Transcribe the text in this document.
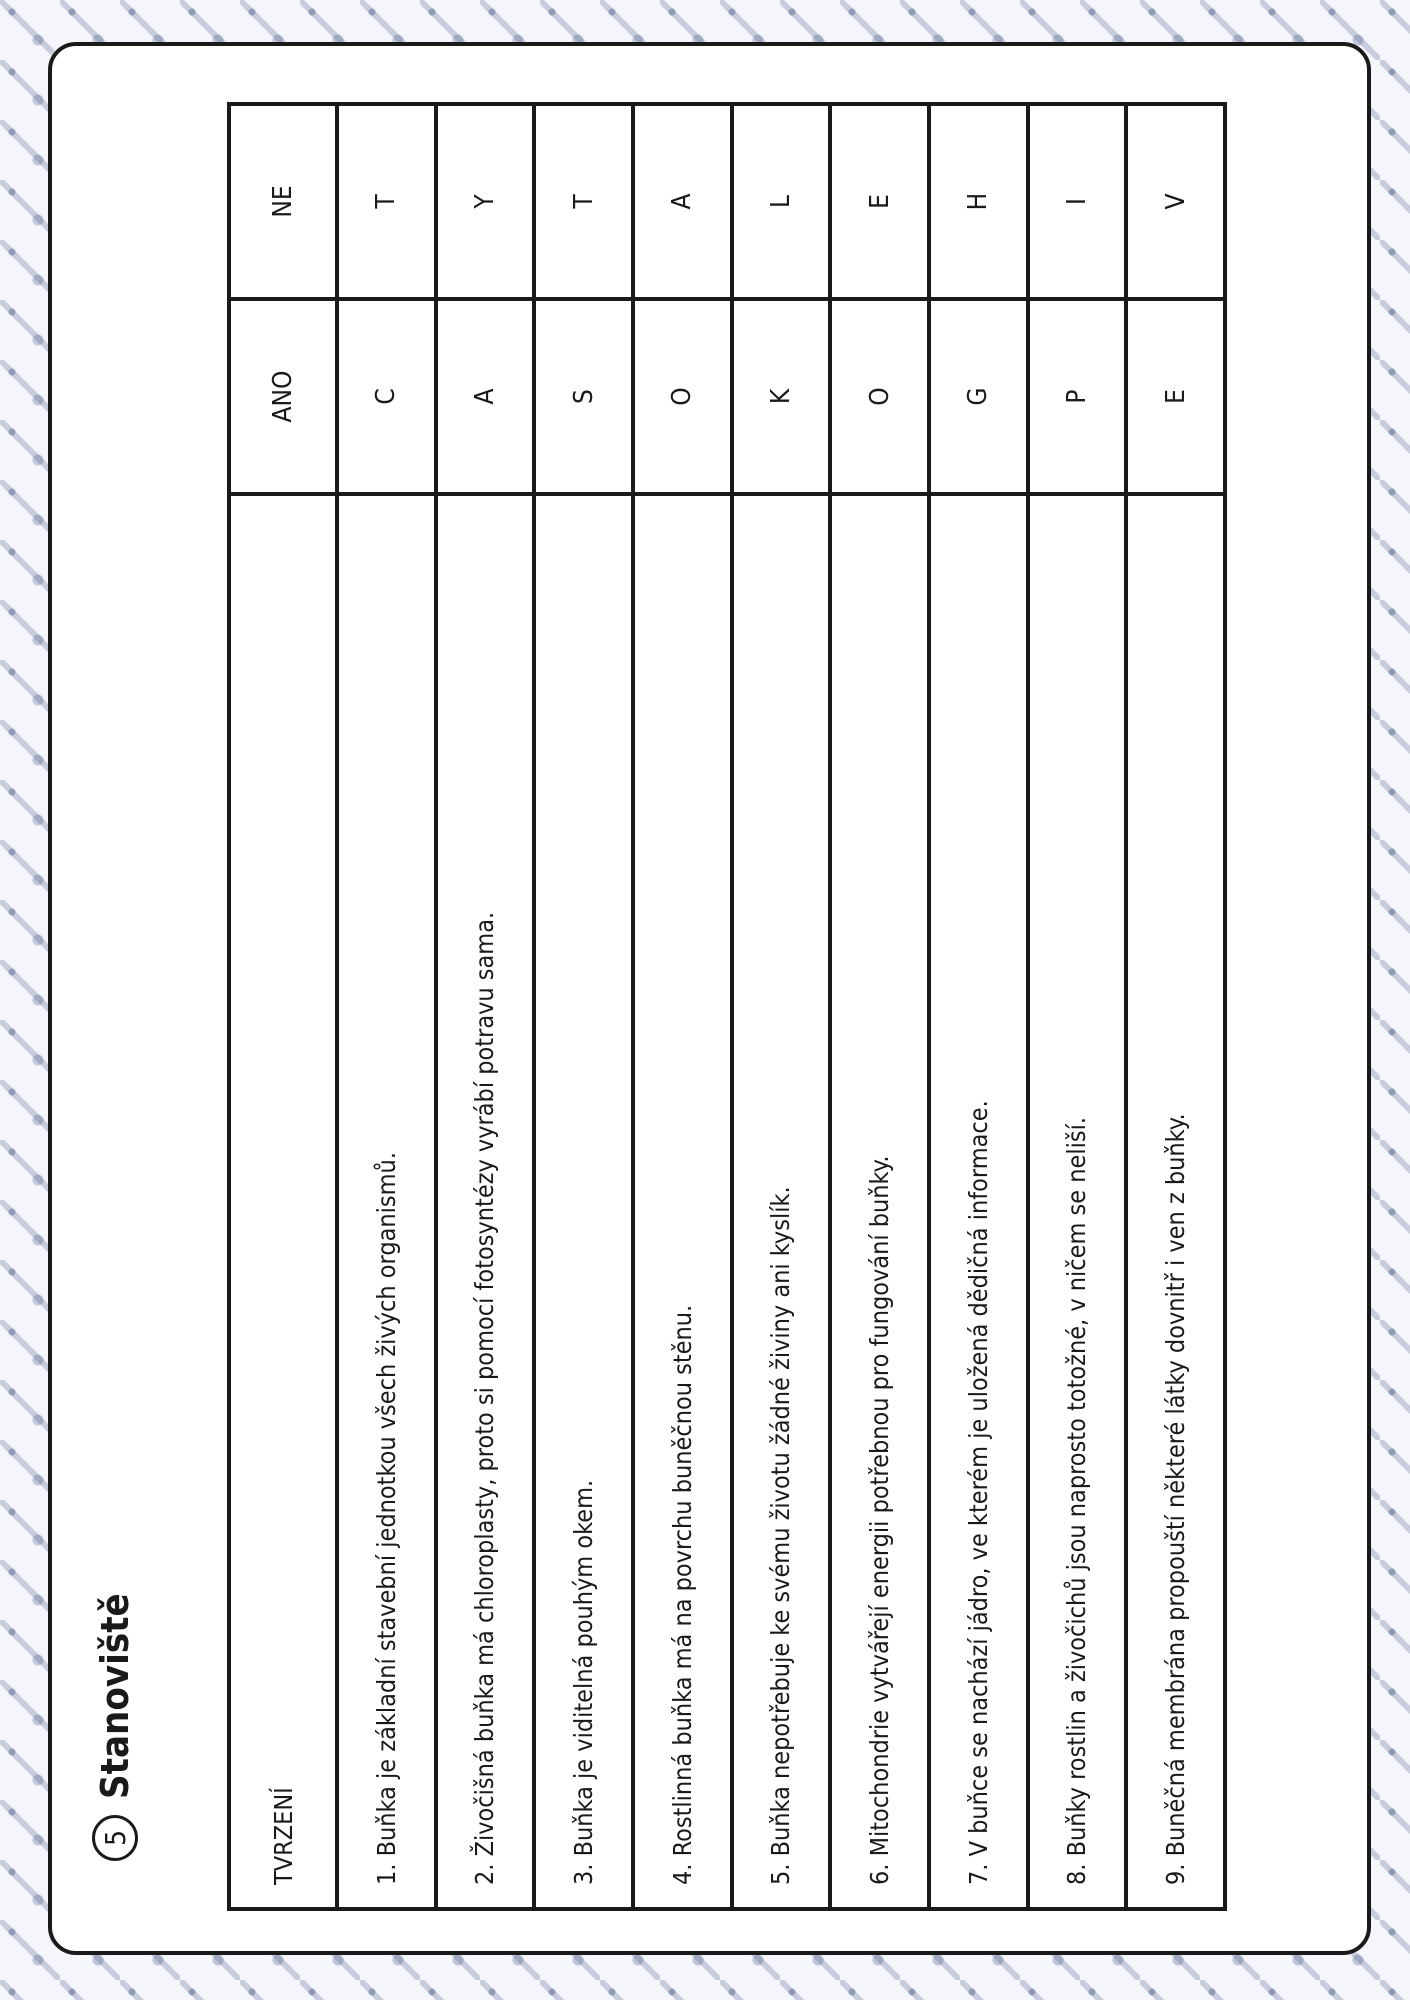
5
Stanoviště
TVRZENÍ	ANO	NE
1. Buňka je základní stavební jednotkou všech živých organismů.	C	T
2. Živočišná buňka má chloroplasty, proto si pomocí fotosyntézy vyrábí potravu sama.	A	Y
3. Buňka je viditelná pouhým okem.	S	T
4. Rostlinná buňka má na povrchu buněčnou stěnu.	O	A
5. Buňka nepotřebuje ke svému životu žádné živiny ani kyslík.	K	L
6. Mitochondrie vytvářejí energii potřebnou pro fungování buňky.	O	E
7. V buňce se nachází jádro, ve kterém je uložená dědičná informace.	G	H
8. Buňky rostlin a živočichů jsou naprosto totožné, v ničem se neliší.	P	I
9. Buněčná membrána propouští některé látky dovnitř i ven z buňky.	E	V
